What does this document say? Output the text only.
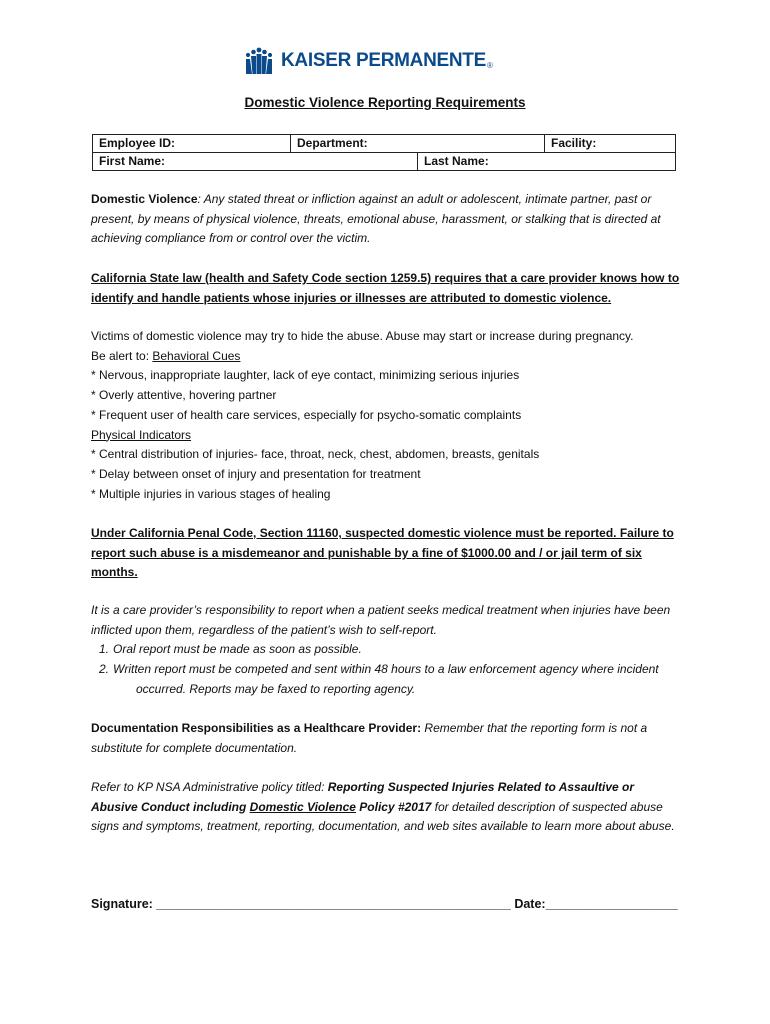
KAISER PERMANENTE ®
Domestic Violence Reporting Requirements
Employee ID:	Department:		Facility:
First Name:		Last Name:	
Domestic Violence: Any stated threat or infliction against an adult or adolescent, intimate partner, past or present, by means of physical violence, threats, emotional abuse, harassment, or stalking that is directed at achieving compliance from or control over the victim.
California State law (health and Safety Code section 1259.5) requires that a care provider knows how to identify and handle patients whose injuries or illnesses are attributed to domestic violence.
Victims of domestic violence may try to hide the abuse. Abuse may start or increase during pregnancy.
Be alert to: Behavioral Cues
* Nervous, inappropriate laughter, lack of eye contact, minimizing serious injuries
* Overly attentive, hovering partner
* Frequent user of health care services, especially for psycho-somatic complaints
Physical Indicators
* Central distribution of injuries- face, throat, neck, chest, abdomen, breasts, genitals
* Delay between onset of injury and presentation for treatment
* Multiple injuries in various stages of healing
Under California Penal Code, Section 11160, suspected domestic violence must be reported. Failure to report such abuse is a misdemeanor and punishable by a fine of $1000.00 and / or jail term of six months.
It is a care provider’s responsibility to report when a patient seeks medical treatment when injuries have been inflicted upon them, regardless of the patient’s wish to self-report.
1. Oral report must be made as soon as possible.
2. Written report must be competed and sent within 48 hours to a law enforcement agency where incident
occurred. Reports may be faxed to reporting agency.
Documentation Responsibilities as a Healthcare Provider: Remember that the reporting form is not a substitute for complete documentation.
Refer to KP NSA Administrative policy titled: Reporting Suspected Injuries Related to Assaultive or Abusive Conduct including Domestic Violence Policy #2017 for detailed description of suspected abuse signs and symptoms, treatment, reporting, documentation, and web sites available to learn more about abuse.
Signature: ___________________________________________________ Date:___________________
